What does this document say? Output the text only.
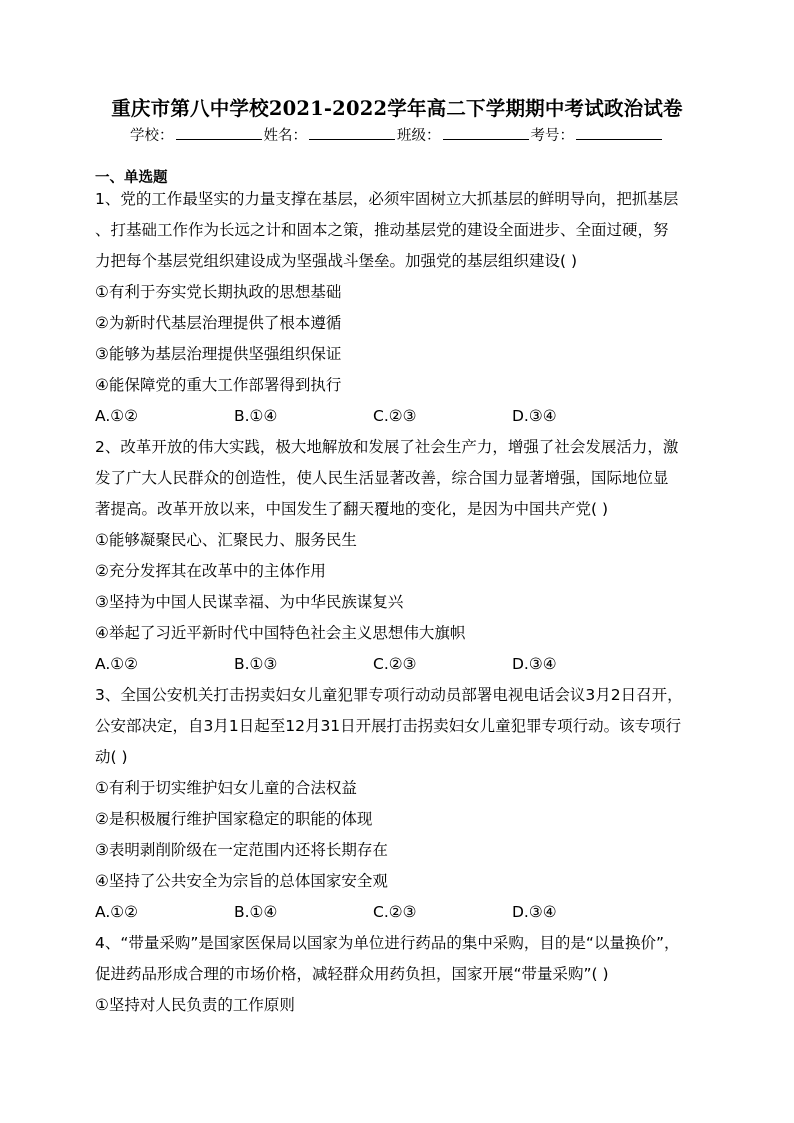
重庆市第八中学校2021-2022学年高二下学期期中考试政治试卷
学校：	姓名：	班级：	考号：
一、单选题
1、党的工作最坚实的力量支撑在基层，必须牢固树立大抓基层的鲜明导向，把抓基层
、打基础工作作为长远之计和固本之策，推动基层党的建设全面进步、全面过硬，努
力把每个基层党组织建设成为坚强战斗堡垒。加强党的基层组织建设( )
①有利于夯实党长期执政的思想基础
②为新时代基层治理提供了根本遵循
③能够为基层治理提供坚强组织保证
④能保障党的重大工作部署得到执行
A.①②	B.①④	C.②③	D.③④
2、改革开放的伟大实践，极大地解放和发展了社会生产力，增强了社会发展活力，激
发了广大人民群众的创造性，使人民生活显著改善，综合国力显著增强，国际地位显
著提高。改革开放以来，中国发生了翻天覆地的变化，是因为中国共产党( )
①能够凝聚民心、汇聚民力、服务民生
②充分发挥其在改革中的主体作用
③坚持为中国人民谋幸福、为中华民族谋复兴
④举起了习近平新时代中国特色社会主义思想伟大旗帜
A.①②	B.①③	C.②③	D.③④
3、全国公安机关打击拐卖妇女儿童犯罪专项行动动员部署电视电话会议3月2日召开，
公安部决定，自3月1日起至12月31日开展打击拐卖妇女儿童犯罪专项行动。该专项行
动( )
①有利于切实维护妇女儿童的合法权益
②是积极履行维护国家稳定的职能的体现
③表明剥削阶级在一定范围内还将长期存在
④坚持了公共安全为宗旨的总体国家安全观
A.①②	B.①④	C.②③	D.③④
4、“带量采购”是国家医保局以国家为单位进行药品的集中采购，目的是“以量换价”，
促进药品形成合理的市场价格，减轻群众用药负担，国家开展“带量采购”( )
①坚持对人民负责的工作原则
